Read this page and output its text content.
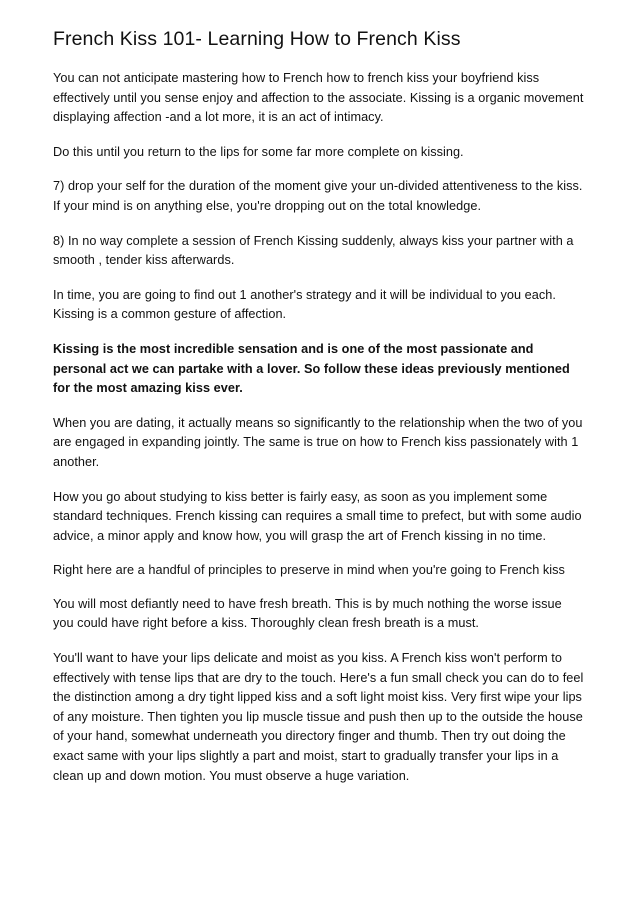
French Kiss 101- Learning How to French Kiss

You can not anticipate mastering how to French how to french kiss your boyfriend kiss effectively until you sense enjoy and affection to the associate. Kissing is a organic movement displaying affection -and a lot more, it is an act of intimacy.

Do this until you return to the lips for some far more complete on kissing.

7) drop your self for the duration of the moment give your un-divided attentiveness to the kiss. If your mind is on anything else, you're dropping out on the total knowledge.

8) In no way complete a session of French Kissing suddenly, always kiss your partner with a smooth , tender kiss afterwards.

In time, you are going to find out 1 another's strategy and it will be individual to you each. Kissing is a common gesture of affection.

Kissing is the most incredible sensation and is one of the most passionate and personal act we can partake with a lover. So follow these ideas previously mentioned for the most amazing kiss ever.

When you are dating, it actually means so significantly to the relationship when the two of you are engaged in expanding jointly. The same is true on how to French kiss passionately with 1 another.

How you go about studying to kiss better is fairly easy, as soon as you implement some standard techniques. French kissing can requires a small time to prefect, but with some audio advice, a minor apply and know how, you will grasp the art of French kissing in no time.

Right here are a handful of principles to preserve in mind when you're going to French kiss

You will most defiantly need to have fresh breath. This is by much nothing the worse issue you could have right before a kiss. Thoroughly clean fresh breath is a must.

You'll want to have your lips delicate and moist as you kiss. A French kiss won't perform to effectively with tense lips that are dry to the touch. Here's a fun small check you can do to feel the distinction among a dry tight lipped kiss and a soft light moist kiss. Very first wipe your lips of any moisture. Then tighten you lip muscle tissue and push then up to the outside the house of your hand, somewhat underneath you directory finger and thumb. Then try out doing the exact same with your lips slightly a part and moist, start to gradually transfer your lips in a clean up and down motion. You must observe a huge variation.
